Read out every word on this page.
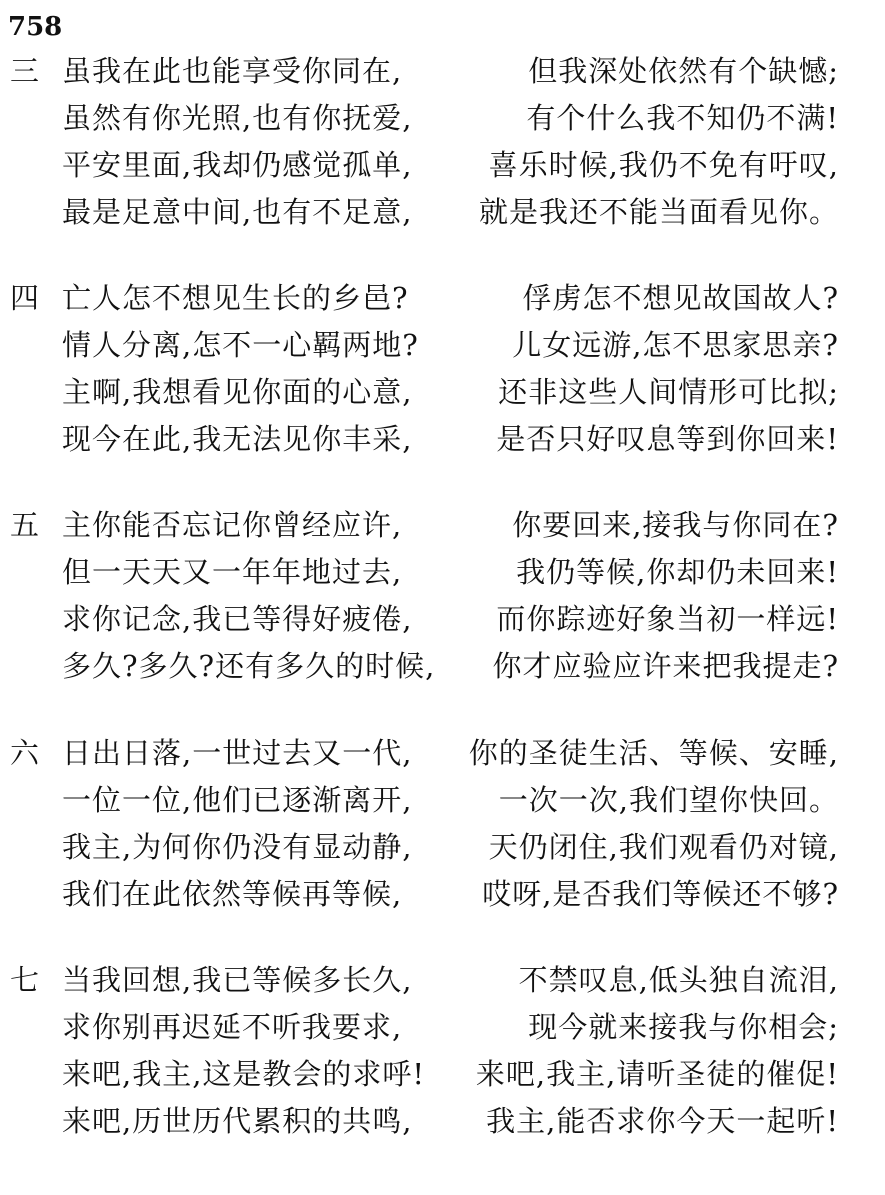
758
三 虽我在此也能享受你同在,	但我深处依然有个缺憾;
虽然有你光照,也有你抚爱,	有个什么我不知仍不满!
平安里面,我却仍感觉孤单,	喜乐时候,我仍不免有吁叹,
最是足意中间,也有不足意, 就是我还不能当面看见你。
四 亡人怎不想见生长的乡邑?	俘虏怎不想见故国故人?
情人分离,怎不一心羁两地?	儿女远游,怎不思家思亲?
主啊,我想看见你面的心意,	还非这些人间情形可比拟;
现今在此,我无法见你丰采,	是否只好叹息等到你回来!
五 主你能否忘记你曾经应许,	你要回来,接我与你同在?
但一天天又一年年地过去,	我仍等候,你却仍未回来!
求你记念,我已等得好疲倦,	而你踪迹好象当初一样远!
多久?多久?还有多久的时候, 你才应验应许来把我提走?
六 日出日落,一世过去又一代, 你的圣徒生活、等候、安睡,
一位一位,他们已逐渐离开,	一次一次,我们望你快回。
我主,为何你仍没有显动静,	天仍闭住,我们观看仍对镜,
我们在此依然等候再等候,	哎呀,是否我们等候还不够?
七 当我回想,我已等候多长久,	不禁叹息,低头独自流泪,
求你别再迟延不听我要求,	现今就来接我与你相会;
来吧,我主,这是教会的求呼! 来吧,我主,请听圣徒的催促!
来吧,历世历代累积的共鸣,	我主,能否求你今天一起听!
